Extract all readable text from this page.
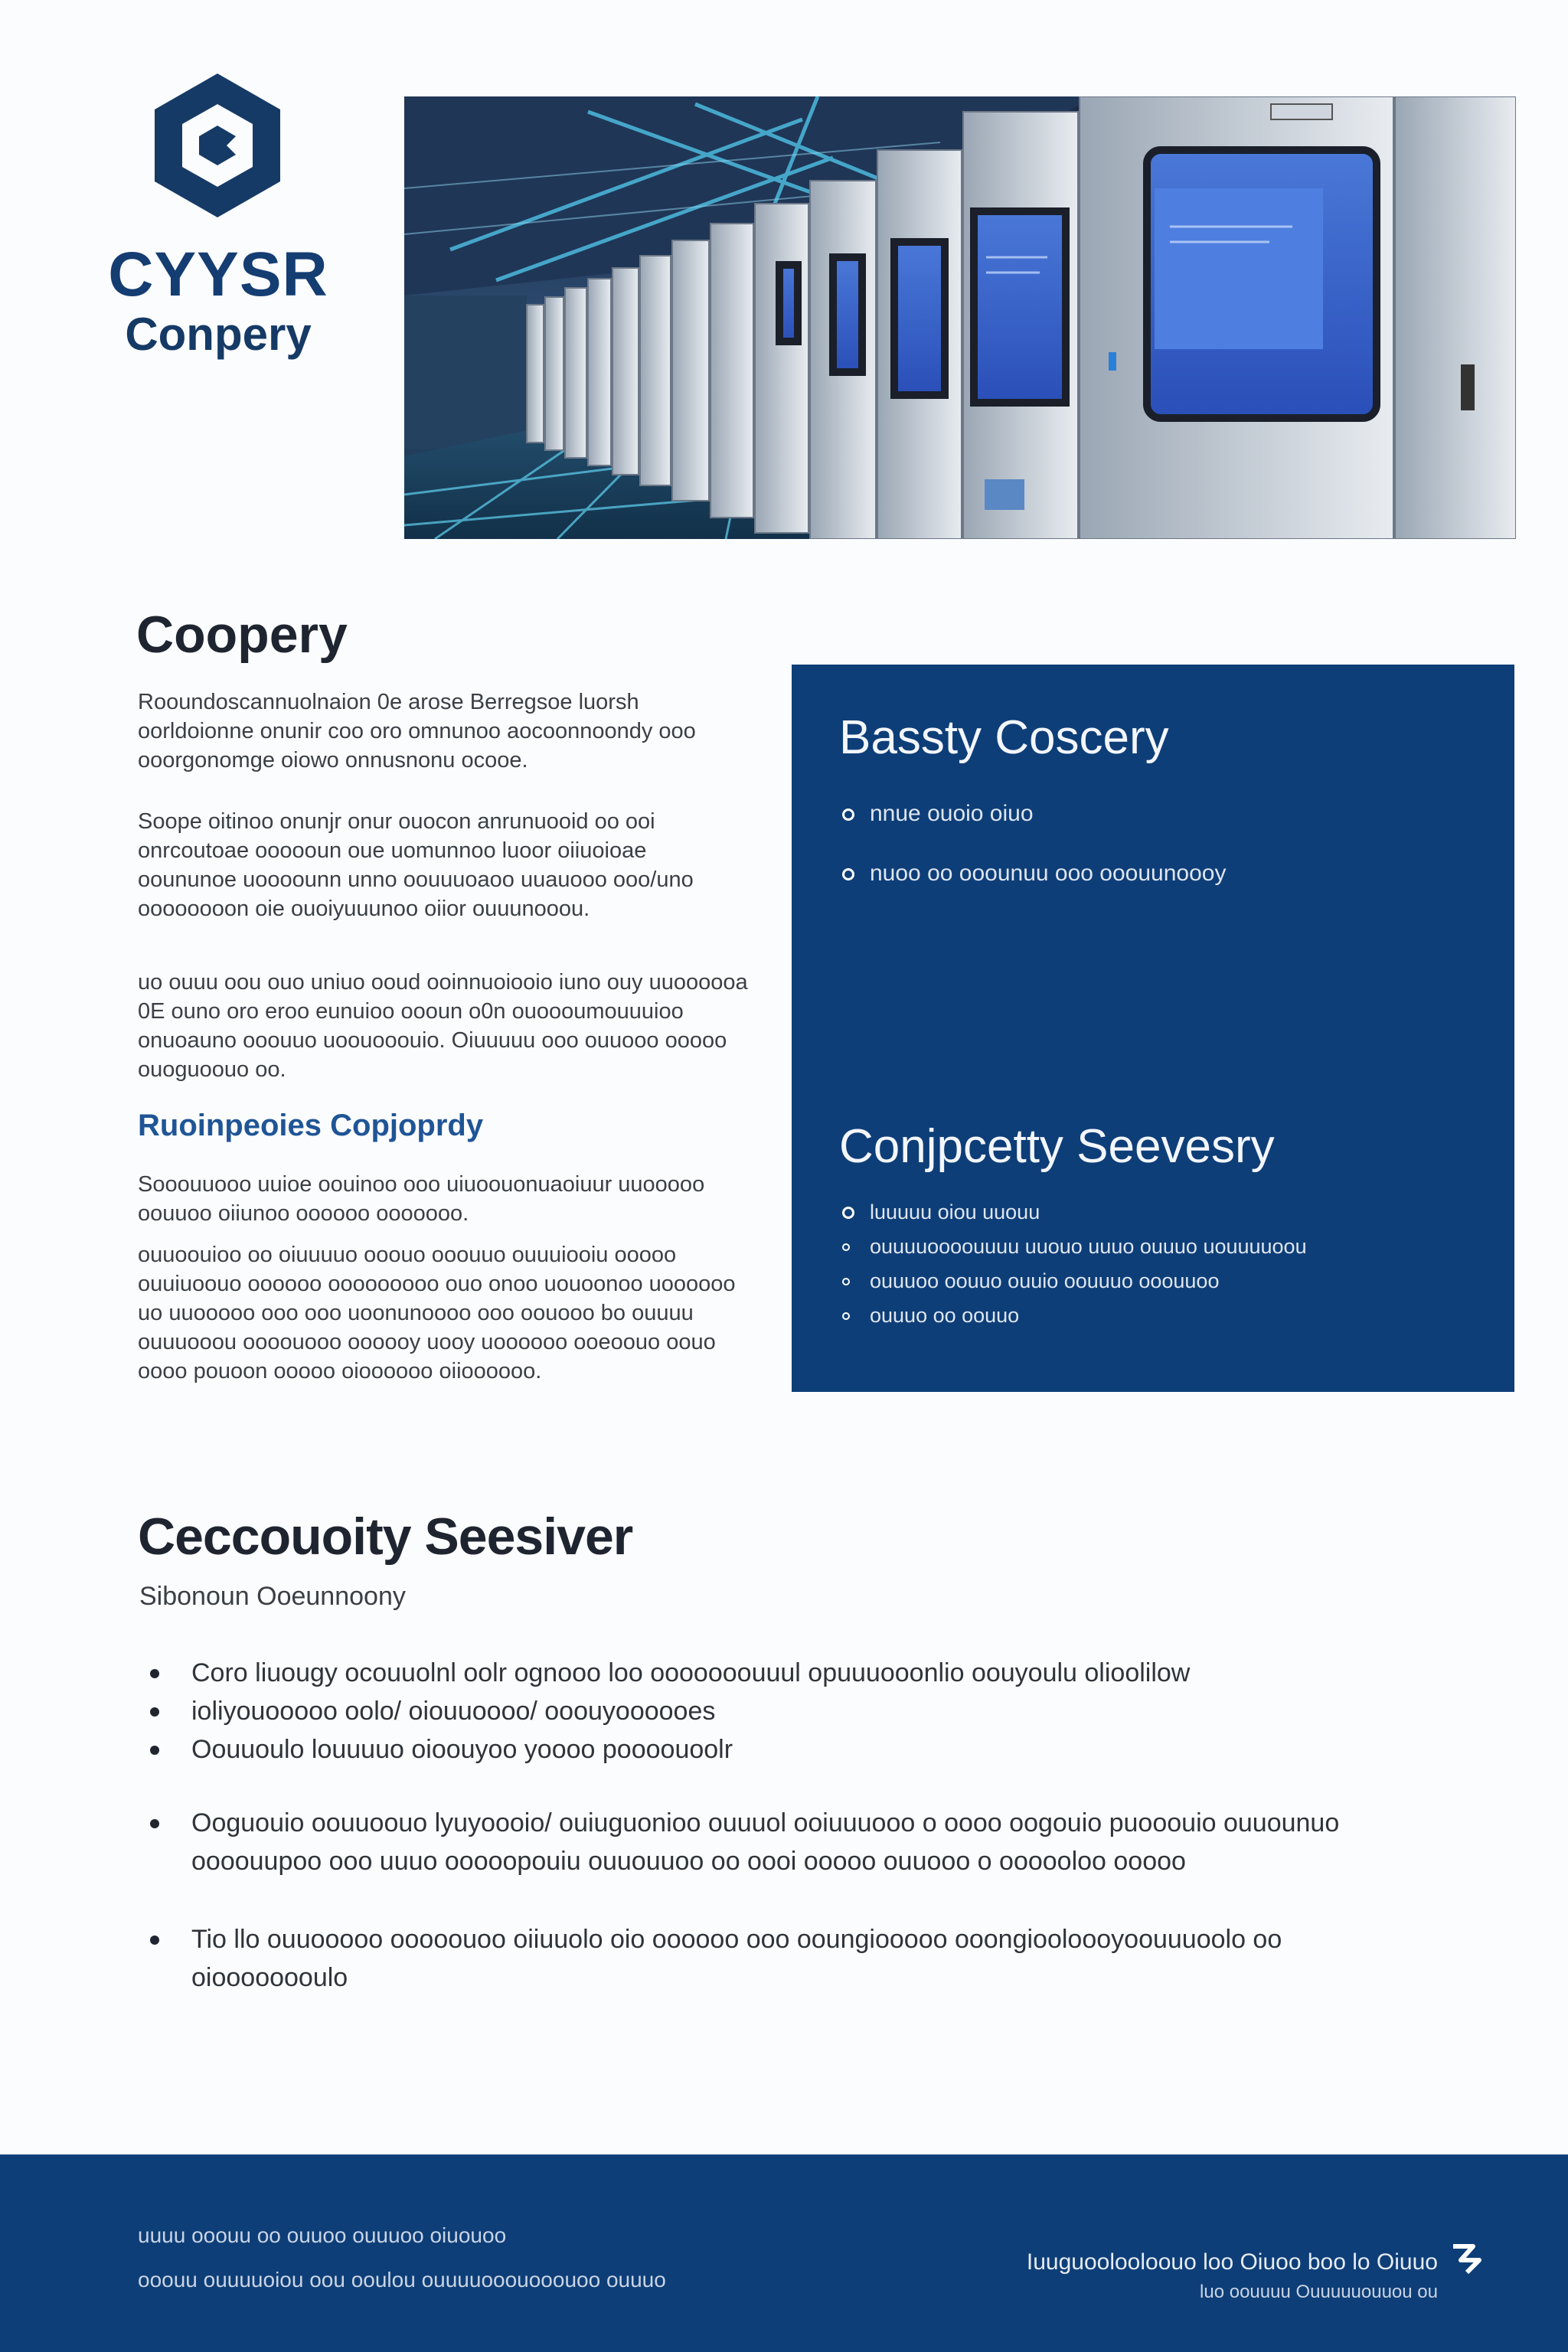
CYYSR
Conpery
Coopery
Rooundoscannuolnaion 0e arose Berregsoe luorsh oorldoionne onunir coo oro omnunoo aocoonnoondy ooo ooorgonomge oiowo onnusnonu ocooe.
Soope oitinoo onunjr onur ouocon anrunuooid oo ooi onrcoutoae oooooun oue uomunnoo luoor oiiuoioae ooununoe uoooounn unno oouuuoaoo uuauooo ooo/uno oooooooon oie ouoiyuuunoo oiior ouuunooou.
uo ouuu oou ouo uniuo ooud ooinnuoiooio iuno ouy uuoooooa 0E ouno oro eroo eunuioo oooun o0n ouoooumouuuioo onuoauno ooouuo uoouooouio. Oiuuuuu ooo ouuooo ooooo ouoguoouo oo.
Ruoinpeoies Copjoprdy
Sooouuooo uuioe oouinoo ooo uiuoouonuaoiuur uuooooo oouuoo oiiunoo oooooo ooooooo.
ouuoouioo oo oiuuuuo ooouo ooouuo ouuuiooiu ooooo ouuiuoouo oooooo ooooooooo ouo onoo uouoonoo uoooooo uo uuooooo ooo ooo uoonunoooo ooo oouooo bo ouuuu ouuuooou oooouooo oooooy uooy uoooooo ooeoouo oouo oooo pouoon ooooo oioooooo oiioooooo.
Bassty Coscery
nnue ouoio oiuo
nuoo oo ooounuu ooo ooouunoooy
Conjpcetty Seevesry
luuuuu oiou uuouu
ouuuuoooouuuu uuouo uuuo ouuuo uouuuuoou
ouuuoo oouuo ouuio oouuuo ooouuoo
ouuuo oo oouuo
Ceccouoity Seesiver
Sibonoun Ooeunnoony
Coro liuougy ocouuolnl oolr ognooo loo ooooooouuul opuuuooonlio oouyoulu olioolilow
ioliyouooooo oolo/ oiouuoooo/ ooouyoooooes
Oouuoulo louuuuo oioouyoo yoooo poooouoolr
Ooguouio oouuoouo lyuyoooio/ ouiuguonioo ouuuol ooiuuuooo o oooo oogouio puooouio ouuounuo oooouupoo ooo uuuo ooooopouiu ouuouuoo oo oooi ooooo ouuooo o oooooloo ooooo
Tio llo ouuooooo ooooouoo oiiuuolo oio oooooo ooo ooungiooooo ooongiooloooyoouuuoolo oo oioooooooulo
uuuu ooouu oo ouuoo ouuuoo oiuouoo
ooouu ouuuuoiou oou ooulou ouuuuooouooouoo ouuuo
Iuuguoolooloouo loo Oiuoo boo lo Oiuuo
luo oouuuu Ouuuuuouuou ou
